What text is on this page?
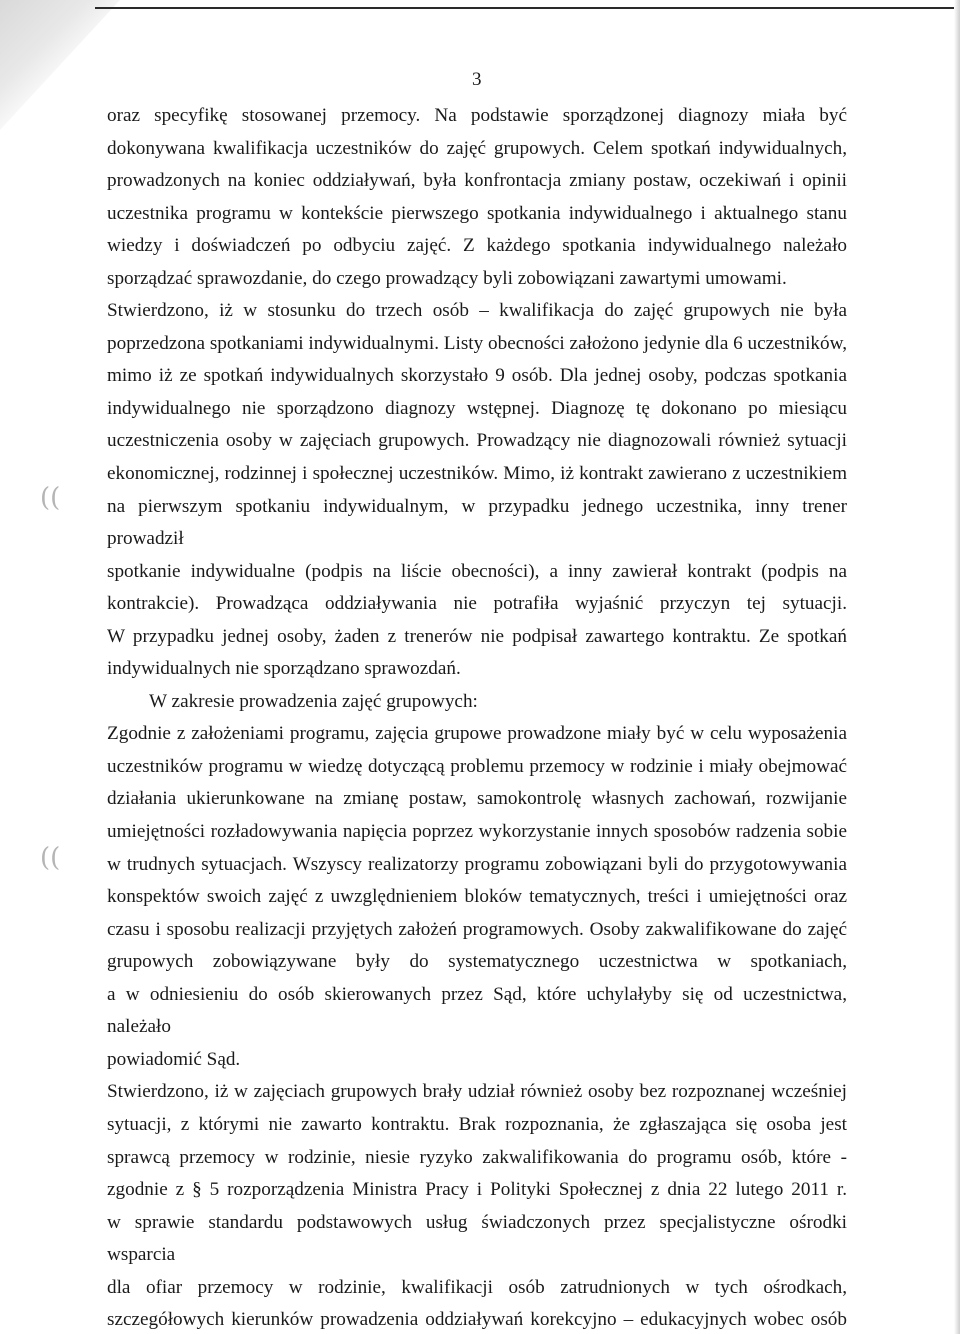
((
((
3

oraz specyfikę stosowanej przemocy. Na podstawie sporządzonej diagnozy miała być

dokonywana kwalifikacja uczestników do zajęć grupowych. Celem spotkań indywidualnych,

prowadzonych na koniec oddziaływań, była konfrontacja zmiany postaw, oczekiwań i opinii

uczestnika programu w kontekście pierwszego spotkania indywidualnego i aktualnego stanu

wiedzy i doświadczeń po odbyciu zajęć. Z każdego spotkania indywidualnego należało

sporządzać sprawozdanie, do czego prowadzący byli zobowiązani zawartymi umowami.

Stwierdzono, iż w stosunku do trzech osób – kwalifikacja do zajęć grupowych nie była

poprzedzona spotkaniami indywidualnymi. Listy obecności założono jedynie dla 6 uczestników,

mimo iż ze spotkań indywidualnych skorzystało 9 osób. Dla jednej osoby, podczas spotkania

indywidualnego nie sporządzono diagnozy wstępnej. Diagnozę tę dokonano po miesiącu

uczestniczenia osoby w zajęciach grupowych. Prowadzący nie diagnozowali również sytuacji

ekonomicznej, rodzinnej i społecznej uczestników. Mimo, iż kontrakt zawierano z uczestnikiem

na pierwszym spotkaniu indywidualnym, w przypadku jednego uczestnika, inny trener prowadził

spotkanie indywidualne (podpis na liście obecności), a inny zawierał kontrakt (podpis na

kontrakcie). Prowadząca oddziaływania nie potrafiła wyjaśnić przyczyn tej sytuacji.

W przypadku jednej osoby, żaden z trenerów nie podpisał zawartego kontraktu. Ze spotkań

indywidualnych nie sporządzano sprawozdań.

W zakresie prowadzenia zajęć grupowych:

Zgodnie z założeniami programu, zajęcia grupowe prowadzone miały być w celu wyposażenia

uczestników programu w wiedzę dotyczącą problemu przemocy w rodzinie i miały obejmować

działania ukierunkowane na zmianę postaw, samokontrolę własnych zachowań, rozwijanie

umiejętności rozładowywania napięcia poprzez wykorzystanie innych sposobów radzenia sobie

w trudnych sytuacjach. Wszyscy realizatorzy programu zobowiązani byli do przygotowywania

konspektów swoich zajęć z uwzględnieniem bloków tematycznych, treści i umiejętności oraz

czasu i sposobu realizacji przyjętych założeń programowych. Osoby zakwalifikowane do zajęć

grupowych zobowiązywane były do systematycznego uczestnictwa w spotkaniach,

a w odniesieniu do osób skierowanych przez Sąd, które uchylałyby się od uczestnictwa, należało

powiadomić Sąd.

Stwierdzono, iż w zajęciach grupowych brały udział również osoby bez rozpoznanej wcześniej

sytuacji, z którymi nie zawarto kontraktu. Brak rozpoznania, że zgłaszająca się osoba jest

sprawcą przemocy w rodzinie, niesie ryzyko zakwalifikowania do programu osób, które -

zgodnie z § 5 rozporządzenia Ministra Pracy i Polityki Społecznej z dnia 22 lutego 2011 r.

w sprawie standardu podstawowych usług świadczonych przez specjalistyczne ośrodki wsparcia

dla ofiar przemocy w rodzinie, kwalifikacji osób zatrudnionych w tych ośrodkach,

szczegółowych kierunków prowadzenia oddziaływań korekcyjno – edukacyjnych wobec osób
